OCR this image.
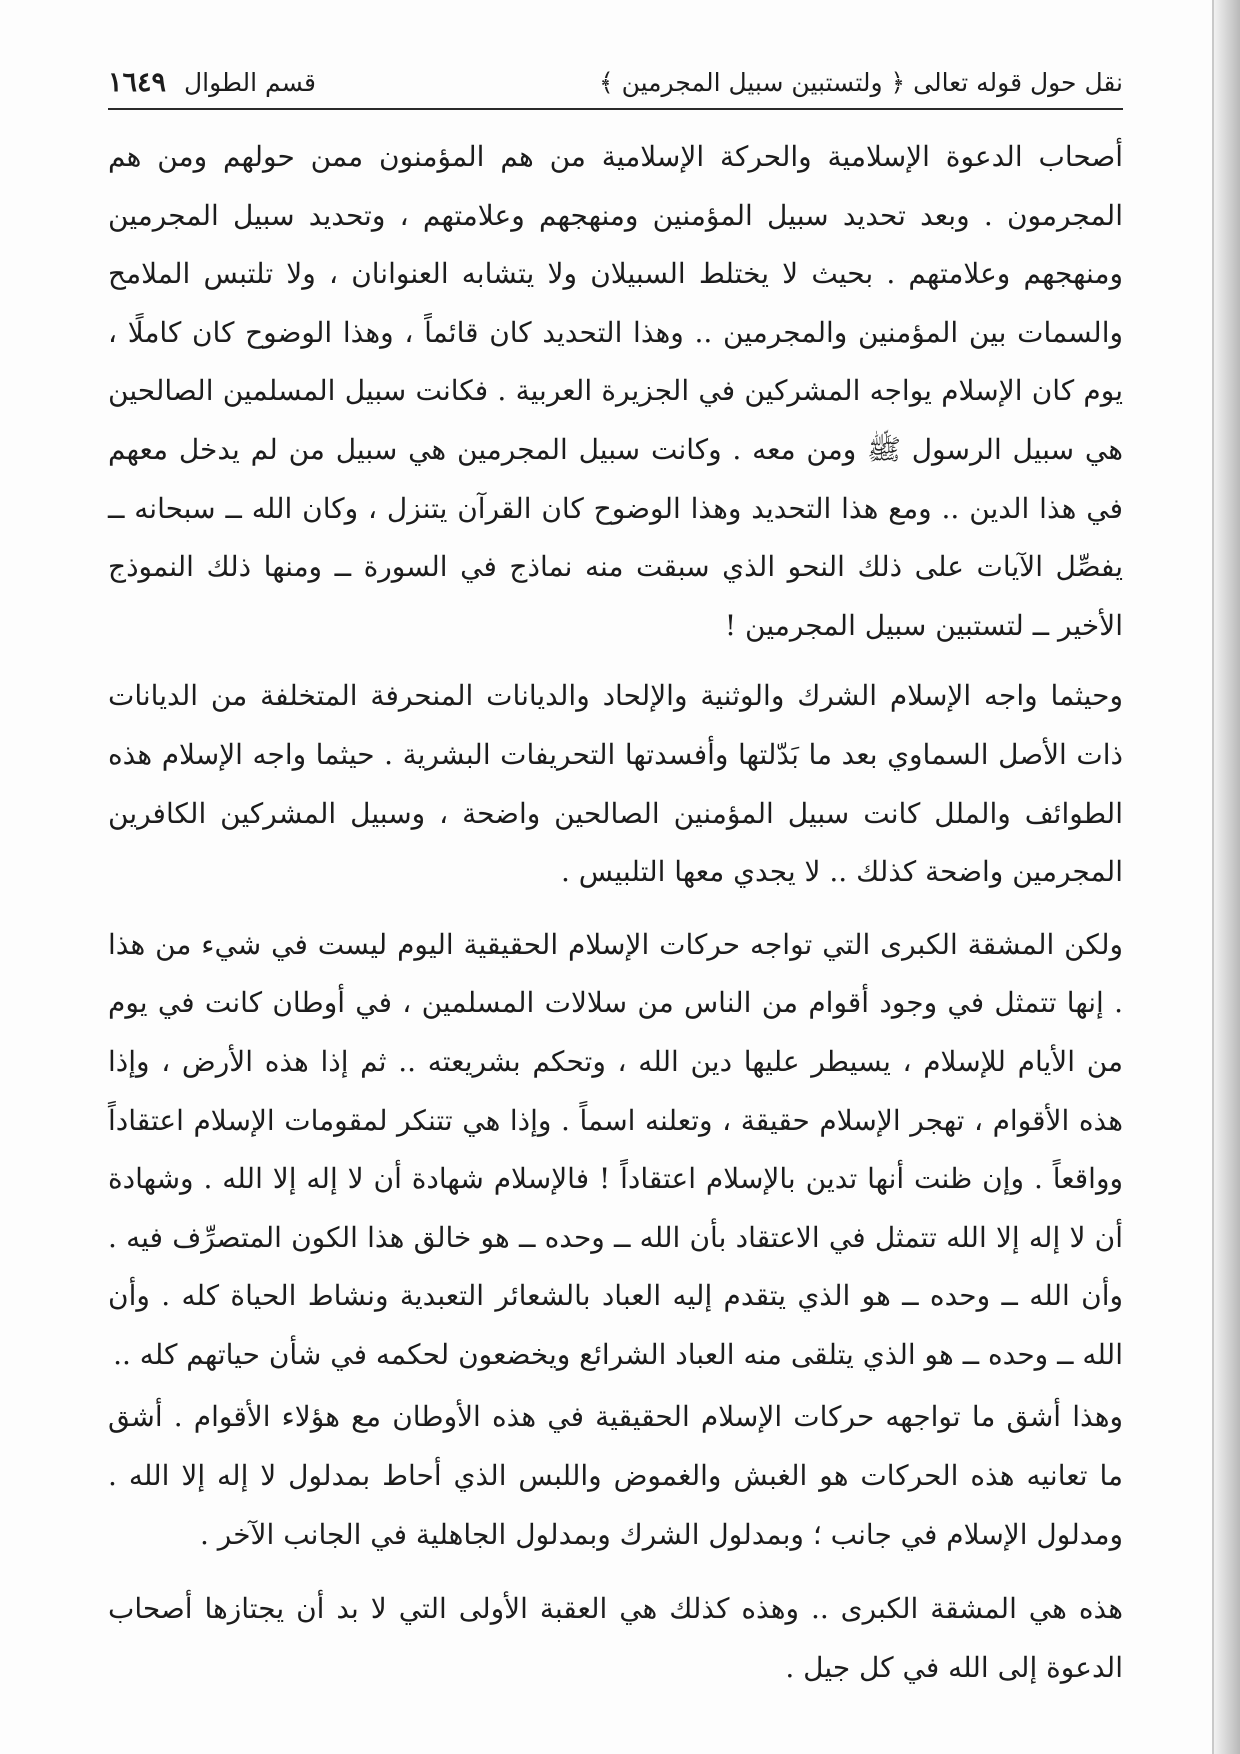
نقل حول قوله تعالى ﴿ ولتستبين سبيل المجرمين ﴾
قسم الطوال
١٦٤٩

أصحاب الدعوة الإسلامية والحركة الإسلامية من هم المؤمنون ممن حولهم ومن هم المجرمون . وبعد تحديد سبيل المؤمنين ومنهجهم وعلامتهم ، وتحديد سبيل المجرمين ومنهجهم وعلامتهم . بحيث لا يختلط السبيلان ولا يتشابه العنوانان ، ولا تلتبس الملامح والسمات بين المؤمنين والمجرمين .. وهذا التحديد كان قائماً ، وهذا الوضوح كان كاملًا ، يوم كان الإسلام يواجه المشركين في الجزيرة العربية . فكانت سبيل المسلمين الصالحين هي سبيل الرسول ﷺ ومن معه . وكانت سبيل المجرمين هي سبيل من لم يدخل معهم في هذا الدين .. ومع هذا التحديد وهذا الوضوح كان القرآن يتنزل ، وكان الله ــ سبحانه ــ يفصِّل الآيات على ذلك النحو الذي سبقت منه نماذج في السورة ــ ومنها ذلك النموذج الأخير ــ لتستبين سبيل المجرمين !

وحيثما واجه الإسلام الشرك والوثنية والإلحاد والديانات المنحرفة المتخلفة من الديانات ذات الأصل السماوي بعد ما بَدّلتها وأفسدتها التحريفات البشرية . حيثما واجه الإسلام هذه الطوائف والملل كانت سبيل المؤمنين الصالحين واضحة ، وسبيل المشركين الكافرين المجرمين واضحة كذلك .. لا يجدي معها التلبيس .

ولكن المشقة الكبرى التي تواجه حركات الإسلام الحقيقية اليوم ليست في شيء من هذا . إنها تتمثل في وجود أقوام من الناس من سلالات المسلمين ، في أوطان كانت في يوم من الأيام للإسلام ، يسيطر عليها دين الله ، وتحكم بشريعته .. ثم إذا هذه الأرض ، وإذا هذه الأقوام ، تهجر الإسلام حقيقة ، وتعلنه اسماً . وإذا هي تتنكر لمقومات الإسلام اعتقاداً وواقعاً . وإن ظنت أنها تدين بالإسلام اعتقاداً ! فالإسلام شهادة أن لا إله إلا الله . وشهادة أن لا إله إلا الله تتمثل في الاعتقاد بأن الله ــ وحده ــ هو خالق هذا الكون المتصرِّف فيه . وأن الله ــ وحده ــ هو الذي يتقدم إليه العباد بالشعائر التعبدية ونشاط الحياة كله . وأن الله ــ وحده ــ هو الذي يتلقى منه العباد الشرائع ويخضعون لحكمه في شأن حياتهم كله ..

وهذا أشق ما تواجهه حركات الإسلام الحقيقية في هذه الأوطان مع هؤلاء الأقوام . أشق ما تعانيه هذه الحركات هو الغبش والغموض واللبس الذي أحاط بمدلول لا إله إلا الله . ومدلول الإسلام في جانب ؛ وبمدلول الشرك وبمدلول الجاهلية في الجانب الآخر .

هذه هي المشقة الكبرى .. وهذه كذلك هي العقبة الأولى التي لا بد أن يجتازها أصحاب الدعوة إلى الله في كل جيل .
